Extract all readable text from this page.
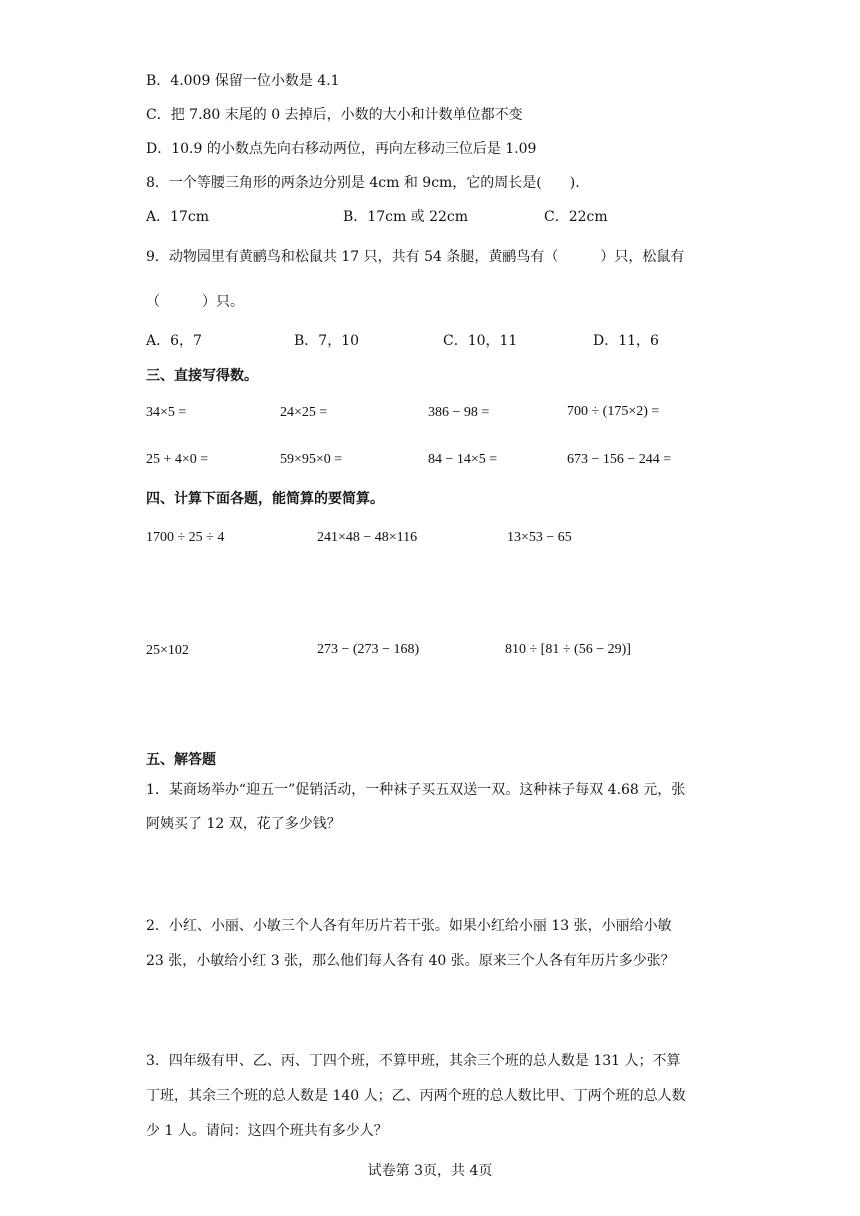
B．4.009 保留一位小数是 4.1
C．把 7.80 末尾的 0 去掉后，小数的大小和计数单位都不变
D．10.9 的小数点先向右移动两位，再向左移动三位后是 1.09
8．一个等腰三角形的两条边分别是 4cm 和 9cm，它的周长是(　　).
A．17cm	B．17cm 或 22cm	C．22cm
9．动物园里有黄鹂鸟和松鼠共 17 只，共有 54 条腿，黄鹂鸟有（　　　）只，松鼠有
（　　　）只。
A．6，7	B．7，10	C．10，11	D．11，6
三、直接写得数。
34×5 =	24×25 =	386 − 98 =	700 ÷ (175×2) =
25 + 4×0 =	59×95×0 =	84 − 14×5 =	673 − 156 − 244 =
四、计算下面各题，能简算的要简算。
1700 ÷ 25 ÷ 4	241×48 − 48×116	13×53 − 65
25×102	273 − (273 − 168)	810 ÷ [81 ÷ (56 − 29)]
五、解答题
1．某商场举办“迎五一”促销活动，一种袜子买五双送一双。这种袜子每双 4.68 元，张
阿姨买了 12 双，花了多少钱？
2．小红、小丽、小敏三个人各有年历片若干张。如果小红给小丽 13 张，小丽给小敏
23 张，小敏给小红 3 张，那么他们每人各有 40 张。原来三个人各有年历片多少张？
3．四年级有甲、乙、丙、丁四个班，不算甲班，其余三个班的总人数是 131 人；不算
丁班，其余三个班的总人数是 140 人；乙、丙两个班的总人数比甲、丁两个班的总人数
少 1 人。请问：这四个班共有多少人？
试卷第 3页，共 4页
